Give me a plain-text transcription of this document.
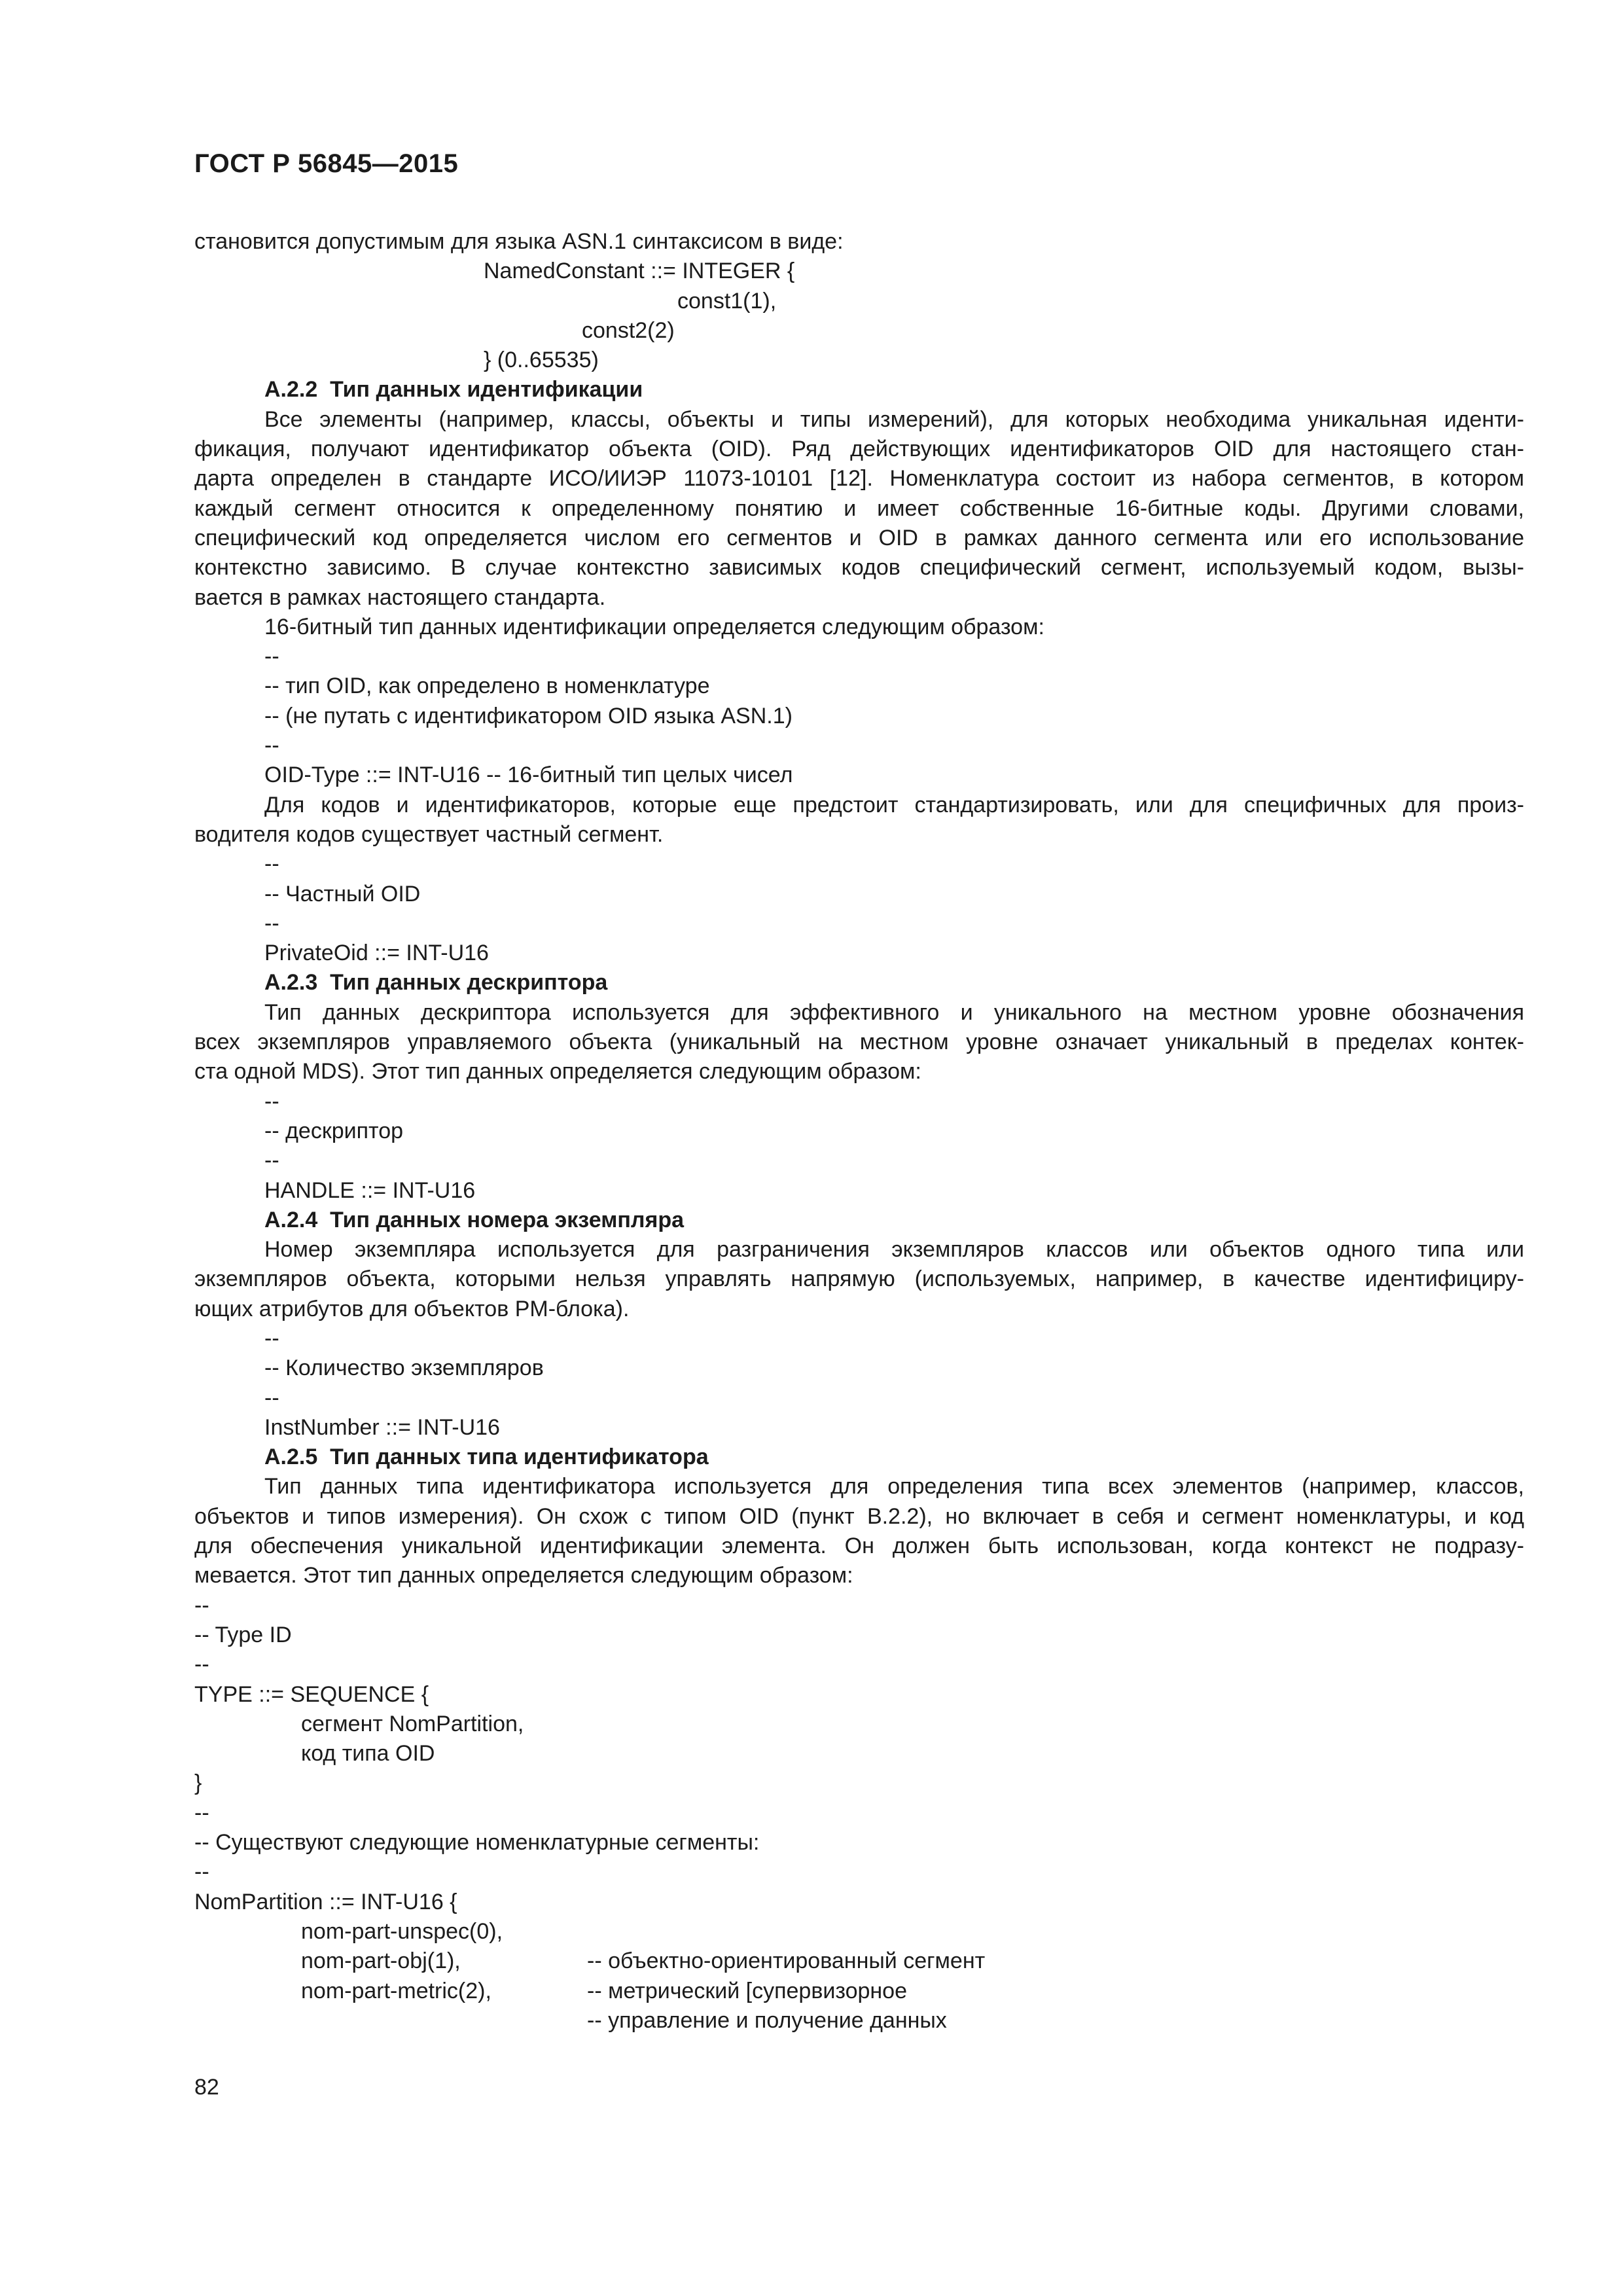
ГОСТ Р 56845—2015
становится допустимым для языка ASN.1 синтаксисом в виде:
NamedConstant ::= INTEGER {
const1(1),
const2(2)
} (0..65535)
A.2.2  Тип данных идентификации
Все элементы (например, классы, объекты и типы измерений), для которых необходима уникальная иденти-
фикация, получают идентификатор объекта (OID). Ряд действующих идентификаторов OID для настоящего стан-
дарта определен в стандарте ИСО/ИИЭР 11073-10101 [12]. Номенклатура состоит из набора сегментов, в котором
каждый сегмент относится к определенному понятию и имеет собственные 16-битные коды. Другими словами,
специфический код определяется числом его сегментов и OID в рамках данного сегмента или его использование
контекстно зависимо. В случае контекстно зависимых кодов специфический сегмент, используемый кодом, вызы-
вается в рамках настоящего стандарта.
16-битный тип данных идентификации определяется следующим образом:
--
-- тип OID, как определено в номенклатуре
-- (не путать с идентификатором OID языка ASN.1)
--
OID-Type ::= INT-U16 -- 16-битный тип целых чисел
Для кодов и идентификаторов, которые еще предстоит стандартизировать, или для специфичных для произ-
водителя кодов существует частный сегмент.
--
-- Частный OID
--
PrivateOid ::= INT-U16
A.2.3  Тип данных дескриптора
Тип данных дескриптора используется для эффективного и уникального на местном уровне обозначения
всех экземпляров управляемого объекта (уникальный на местном уровне означает уникальный в пределах контек-
ста одной MDS). Этот тип данных определяется следующим образом:
--
-- дескриптор
--
HANDLE ::= INT-U16
A.2.4  Тип данных номера экземпляра
Номер экземпляра используется для разграничения экземпляров классов или объектов одного типа или
экземпляров объекта, которыми нельзя управлять напрямую (используемых, например, в качестве идентифициру-
ющих атрибутов для объектов PM-блока).
--
-- Количество экземпляров
--
InstNumber ::= INT-U16
A.2.5  Тип данных типа идентификатора
Тип данных типа идентификатора используется для определения типа всех элементов (например, классов,
объектов и типов измерения). Он схож с типом OID (пункт В.2.2), но включает в себя и сегмент номенклатуры, и код
для обеспечения уникальной идентификации элемента. Он должен быть использован, когда контекст не подразу-
мевается. Этот тип данных определяется следующим образом:
--
-- Type ID
--
TYPE ::= SEQUENCE {
сегмент NomPartition,
код типа OID
}
--
-- Существуют следующие номенклатурные сегменты:
--
NomPartition ::= INT-U16 {

nom-part-unspec(0),

nom-part-obj(1),

	-- объектно-ориентированный сегмент

nom-part-metric(2),

	-- метрический [супервизорное

-- управление и получение данных

82
